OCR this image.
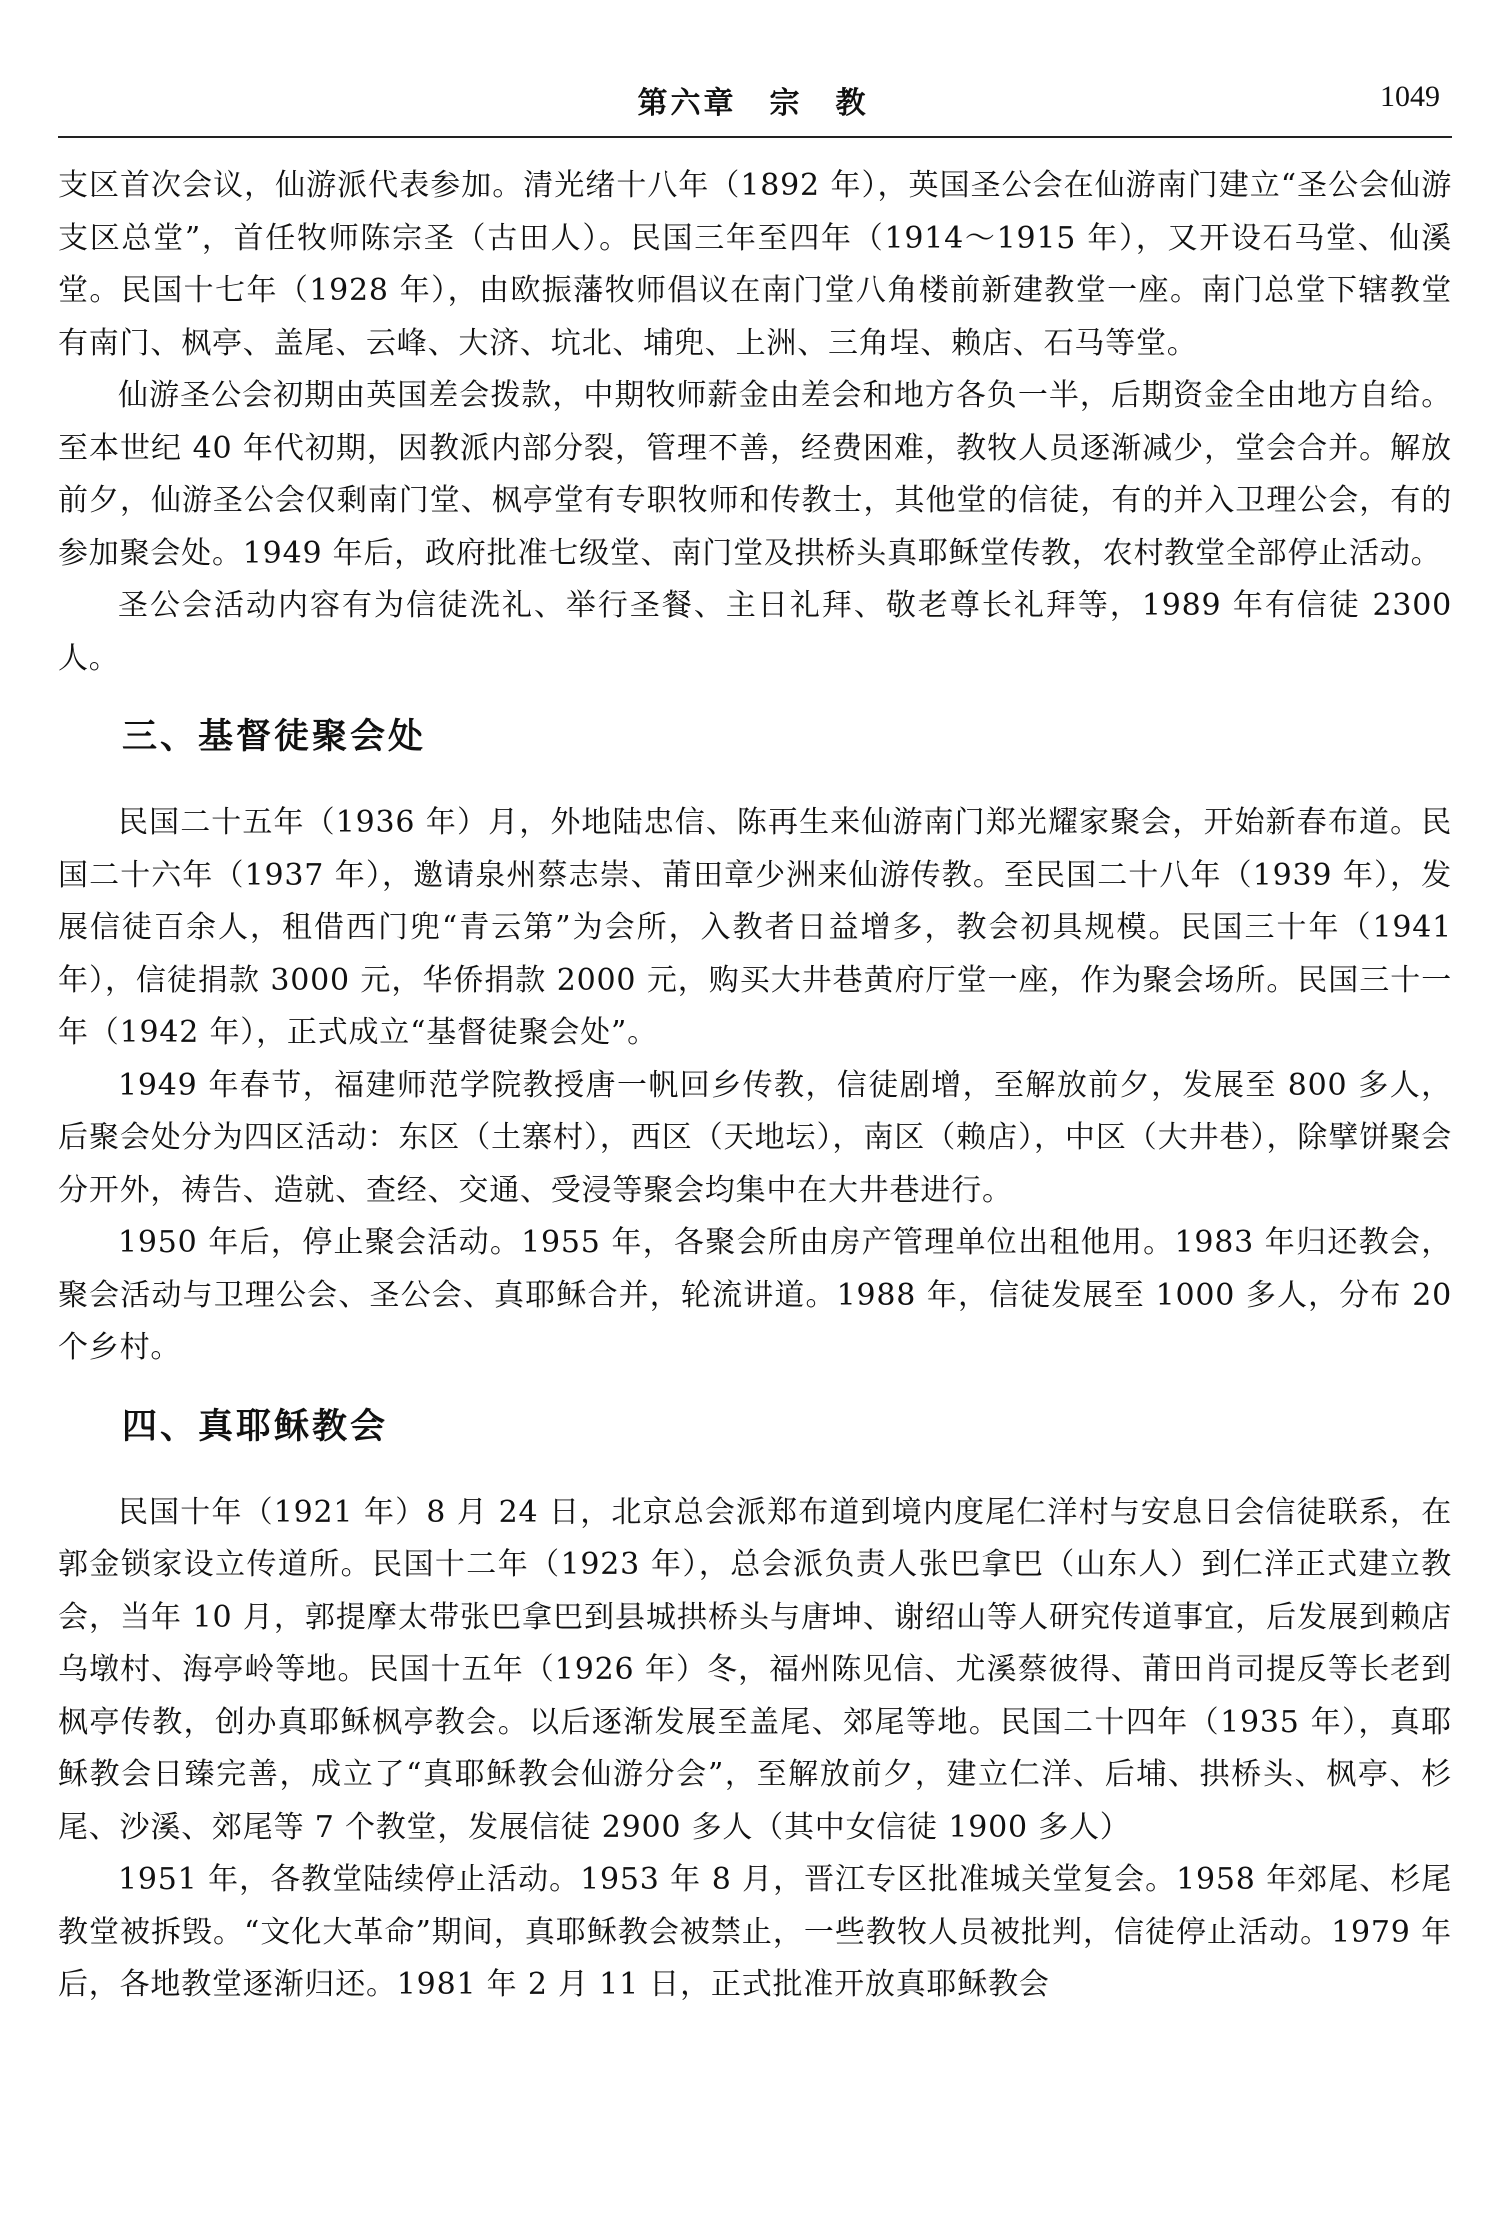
第六章　宗　教	1049

支区首次会议，仙游派代表参加。清光绪十八年（1892 年），英国圣公会在仙游南门建立“圣公会仙游支区总堂”，首任牧师陈宗圣（古田人）。民国三年至四年（1914～1915 年），又开设石马堂、仙溪堂。民国十七年（1928 年），由欧振藩牧师倡议在南门堂八角楼前新建教堂一座。南门总堂下辖教堂有南门、枫亭、盖尾、云峰、大济、坑北、埔兜、上洲、三角埕、赖店、石马等堂。

仙游圣公会初期由英国差会拨款，中期牧师薪金由差会和地方各负一半，后期资金全由地方自给。至本世纪 40 年代初期，因教派内部分裂，管理不善，经费困难，教牧人员逐渐减少，堂会合并。解放前夕，仙游圣公会仅剩南门堂、枫亭堂有专职牧师和传教士，其他堂的信徒，有的并入卫理公会，有的参加聚会处。1949 年后，政府批准七级堂、南门堂及拱桥头真耶稣堂传教，农村教堂全部停止活动。

圣公会活动内容有为信徒洗礼、举行圣餐、主日礼拜、敬老尊长礼拜等，1989 年有信徒 2300 人。

三、基督徒聚会处

民国二十五年（1936 年）月，外地陆忠信、陈再生来仙游南门郑光耀家聚会，开始新春布道。民国二十六年（1937 年），邀请泉州蔡志崇、莆田章少洲来仙游传教。至民国二十八年（1939 年），发展信徒百余人，租借西门兜“青云第”为会所，入教者日益增多，教会初具规模。民国三十年（1941 年），信徒捐款 3000 元，华侨捐款 2000 元，购买大井巷黄府厅堂一座，作为聚会场所。民国三十一年（1942 年），正式成立“基督徒聚会处”。

1949 年春节，福建师范学院教授唐一帆回乡传教，信徒剧增，至解放前夕，发展至 800 多人，后聚会处分为四区活动：东区（土寨村），西区（天地坛），南区（赖店），中区（大井巷），除擘饼聚会分开外，祷告、造就、查经、交通、受浸等聚会均集中在大井巷进行。

1950 年后，停止聚会活动。1955 年，各聚会所由房产管理单位出租他用。1983 年归还教会，聚会活动与卫理公会、圣公会、真耶稣合并，轮流讲道。1988 年，信徒发展至 1000 多人，分布 20 个乡村。

四、真耶稣教会

民国十年（1921 年）8 月 24 日，北京总会派郑布道到境内度尾仁洋村与安息日会信徒联系，在郭金锁家设立传道所。民国十二年（1923 年），总会派负责人张巴拿巴（山东人）到仁洋正式建立教会，当年 10 月，郭提摩太带张巴拿巴到县城拱桥头与唐坤、谢绍山等人研究传道事宜，后发展到赖店乌墩村、海亭岭等地。民国十五年（1926 年）冬，福州陈见信、尤溪蔡彼得、莆田肖司提反等长老到枫亭传教，创办真耶稣枫亭教会。以后逐渐发展至盖尾、郊尾等地。民国二十四年（1935 年），真耶稣教会日臻完善，成立了“真耶稣教会仙游分会”，至解放前夕，建立仁洋、后埔、拱桥头、枫亭、杉尾、沙溪、郊尾等 7 个教堂，发展信徒 2900 多人（其中女信徒 1900 多人）

1951 年，各教堂陆续停止活动。1953 年 8 月，晋江专区批准城关堂复会。1958 年郊尾、杉尾教堂被拆毁。“文化大革命”期间，真耶稣教会被禁止，一些教牧人员被批判，信徒停止活动。1979 年后，各地教堂逐渐归还。1981 年 2 月 11 日，正式批准开放真耶稣教会
